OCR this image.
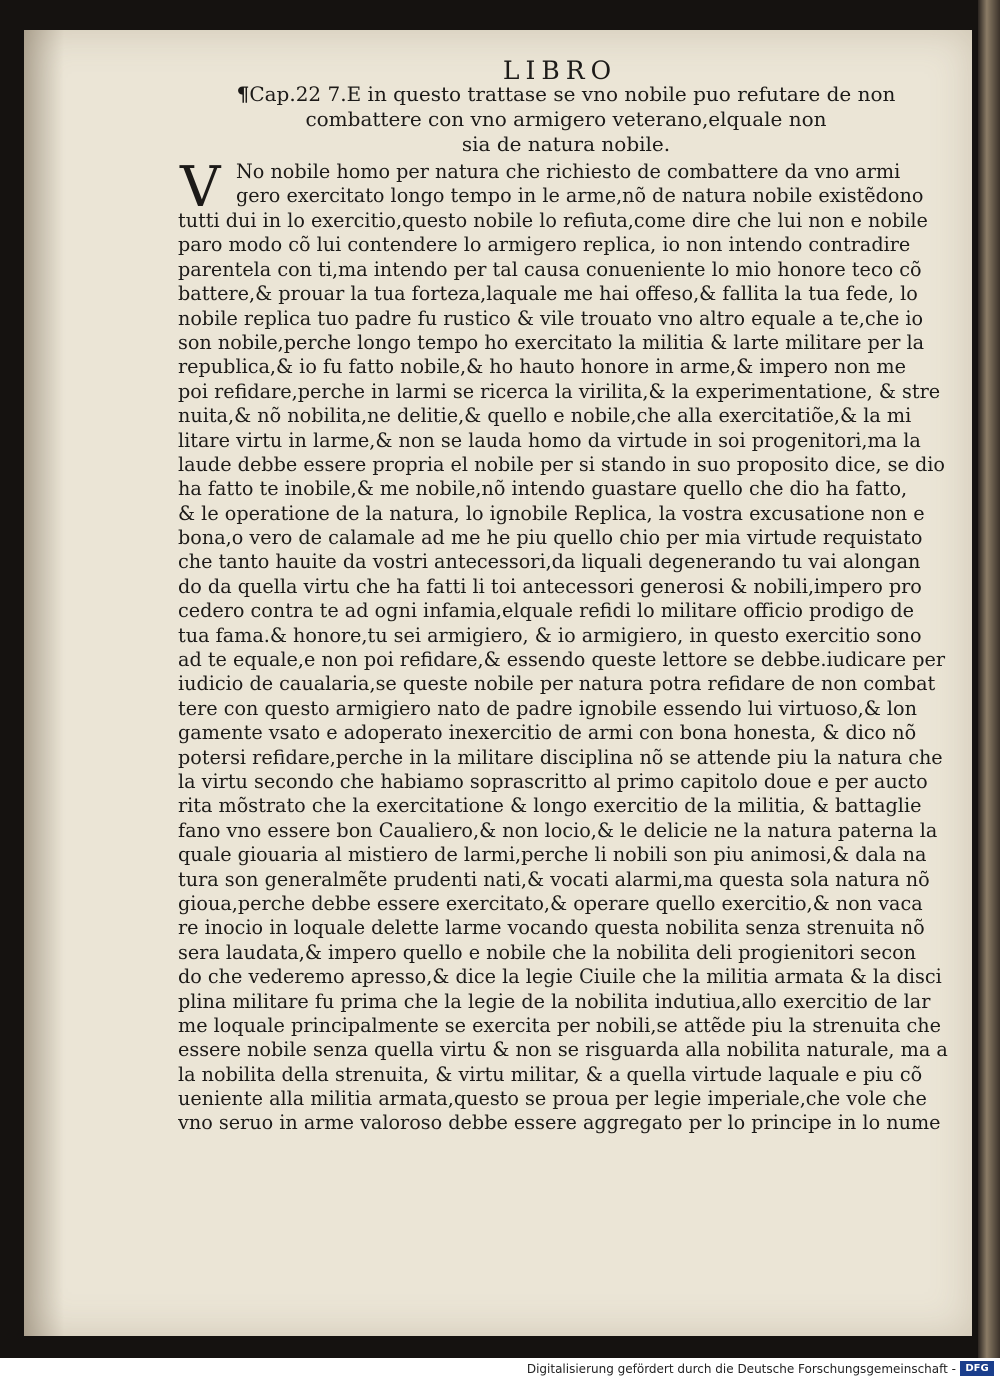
LIBRO
¶Cap.22 7.E in questo trattase se vno nobile puo refutare de non
combattere con vno armigero veterano,elquale non
sia de natura nobile.
V No nobile homo per natura che richiesto de combattere da vno armi
gero exercitato longo tempo in le arme,nõ de natura nobile existẽdono
tutti dui in lo exercitio,questo nobile lo refiuta,come dire che lui non e nobile
paro modo cõ lui contendere lo armigero replica, io non intendo contradire
parentela con ti,ma intendo per tal causa conueniente lo mio honore teco cõ
battere,& prouar la tua forteza,laquale me hai offeso,& fallita la tua fede, lo
nobile replica tuo padre fu rustico & vile trouato vno altro equale a te,che io
son nobile,perche longo tempo ho exercitato la militia & larte militare per la
republica,& io fu fatto nobile,& ho hauto honore in arme,& impero non me
poi refidare,perche in larmi se ricerca la virilita,& la experimentatione, & stre
nuita,& nõ nobilita,ne delitie,& quello e nobile,che alla exercitatiõe,& la mi
litare virtu in larme,& non se lauda homo da virtude in soi progenitori,ma la
laude debbe essere propria el nobile per si stando in suo proposito dice, se dio
ha fatto te inobile,& me nobile,nõ intendo guastare quello che dio ha fatto,
& le operatione de la natura, lo ignobile Replica, la vostra excusatione non e
bona,o vero de calamale ad me he piu quello chio per mia virtude requistato
che tanto hauite da vostri antecessori,da liquali degenerando tu vai alongan
do da quella virtu che ha fatti li toi antecessori generosi & nobili,impero pro
cedero contra te ad ogni infamia,elquale refidi lo militare officio prodigo de
tua fama.& honore,tu sei armigiero, & io armigiero, in questo exercitio sono
ad te equale,e non poi refidare,& essendo queste lettore se debbe.iudicare per
iudicio de caualaria,se queste nobile per natura potra refidare de non combat
tere con questo armigiero nato de padre ignobile essendo lui virtuoso,& lon
gamente vsato e adoperato inexercitio de armi con bona honesta, & dico nõ
potersi refidare,perche in la militare disciplina nõ se attende piu la natura che
la virtu secondo che habiamo soprascritto al primo capitolo doue e per aucto
rita mõstrato che la exercitatione & longo exercitio de la militia, & battaglie
fano vno essere bon Caualiero,& non locio,& le delicie ne la natura paterna la
quale giouaria al mistiero de larmi,perche li nobili son piu animosi,& dala na
tura son generalmẽte prudenti nati,& vocati alarmi,ma questa sola natura nõ
gioua,perche debbe essere exercitato,& operare quello exercitio,& non vaca
re inocio in loquale delette larme vocando questa nobilita senza strenuita nõ
sera laudata,& impero quello e nobile che la nobilita deli progienitori secon
do che vederemo apresso,& dice la legie Ciuile che la militia armata & la disci
plina militare fu prima che la legie de la nobilita indutiua,allo exercitio de lar
me loquale principalmente se exercita per nobili,se attẽde piu la strenuita che
essere nobile senza quella virtu & non se risguarda alla nobilita naturale, ma a
la nobilita della strenuita, & virtu militar, & a quella virtude laquale e piu cõ
ueniente alla militia armata,questo se proua per legie imperiale,che vole che
vno seruo in arme valoroso debbe essere aggregato per lo principe in lo nume
Digitalisierung gefördert durch die Deutsche Forschungsgemeinschaft - DFG
